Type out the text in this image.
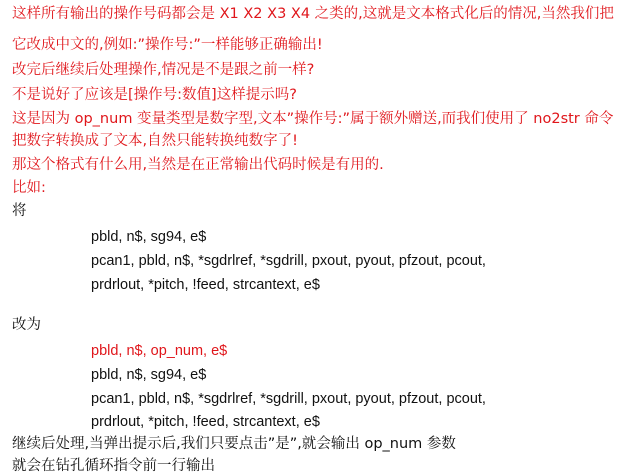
这样所有输出的操作号码都会是 X1 X2 X3 X4 之类的,这就是文本格式化后的情况,当然我们把
它改成中文的,例如:”操作号:”一样能够正确输出!
改完后继续后处理操作,情况是不是跟之前一样?
不是说好了应该是[操作号:数值]这样提示吗?
这是因为 op_num 变量类型是数字型,文本”操作号:”属于额外赠送,而我们使用了 no2str 命令
把数字转换成了文本,自然只能转换纯数字了!
那这个格式有什么用,当然是在正常输出代码时候是有用的.
比如:
将
pbld, n$, sg94, e$
pcan1, pbld, n$, *sgdrlref, *sgdrill, pxout, pyout, pfzout, pcout,
prdrlout, *pitch, !feed, strcantext, e$
改为
pbld, n$, op_num, e$
pbld, n$, sg94, e$
pcan1, pbld, n$, *sgdrlref, *sgdrill, pxout, pyout, pfzout, pcout,
prdrlout, *pitch, !feed, strcantext, e$
继续后处理,当弹出提示后,我们只要点击”是”,就会输出 op_num 参数
就会在钻孔循环指令前一行输出
